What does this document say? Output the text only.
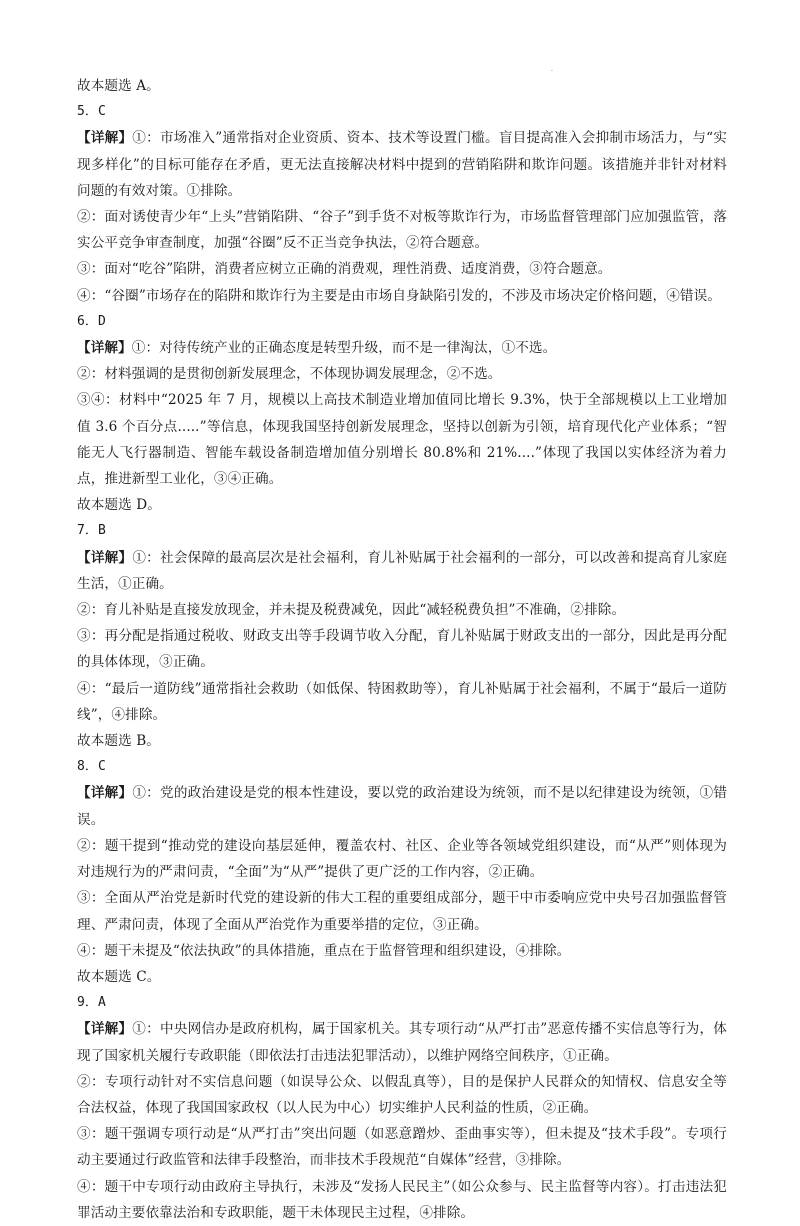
·
故本题选 A。
5．C
【详解】①：市场准入”通常指对企业资质、资本、技术等设置门槛。盲目提高准入会抑制市场活力，与“实现多样化”的目标可能存在矛盾，更无法直接解决材料中提到的营销陷阱和欺诈问题。该措施并非针对材料问题的有效对策。①排除。
②：面对诱使青少年“上头”营销陷阱、“谷子”到手货不对板等欺诈行为，市场监督管理部门应加强监管，落实公平竞争审查制度，加强“谷圈”反不正当竞争执法，②符合题意。
③：面对“吃谷”陷阱，消费者应树立正确的消费观，理性消费、适度消费，③符合题意。
④：“谷圈”市场存在的陷阱和欺诈行为主要是由市场自身缺陷引发的，不涉及市场决定价格问题，④错误。
6．D
【详解】①：对待传统产业的正确态度是转型升级，而不是一律淘汰，①不选。
②：材料强调的是贯彻创新发展理念，不体现协调发展理念，②不选。
③④：材料中“2025 年 7 月，规模以上高技术制造业增加值同比增长 9.3%，快于全部规模以上工业增加值 3.6 个百分点.....”等信息，体现我国坚持创新发展理念，坚持以创新为引领，培育现代化产业体系；“智能无人飞行器制造、智能车载设备制造增加值分别增长 80.8%和 21%....”体现了我国以实体经济为着力点，推进新型工业化，③④正确。
故本题选 D。
7．B
【详解】①：社会保障的最高层次是社会福利，育儿补贴属于社会福利的一部分，可以改善和提高育儿家庭生活，①正确。
②：育儿补贴是直接发放现金，并未提及税费减免，因此“减轻税费负担”不准确，②排除。
③：再分配是指通过税收、财政支出等手段调节收入分配，育儿补贴属于财政支出的一部分，因此是再分配的具体体现，③正确。
④：“最后一道防线”通常指社会救助（如低保、特困救助等），育儿补贴属于社会福利，不属于“最后一道防线”，④排除。
故本题选 B。
8．C
【详解】①：党的政治建设是党的根本性建设，要以党的政治建设为统领，而不是以纪律建设为统领，①错误。
②：题干提到“推动党的建设向基层延伸，覆盖农村、社区、企业等各领域党组织建设，而“从严”则体现为对违规行为的严肃问责，“全面”为“从严”提供了更广泛的工作内容，②正确。
③：全面从严治党是新时代党的建设新的伟大工程的重要组成部分，题干中市委响应党中央号召加强监督管理、严肃问责，体现了全面从严治党作为重要举措的定位，③正确。
④：题干未提及“依法执政”的具体措施，重点在于监督管理和组织建设，④排除。
故本题选 C。
9．A
【详解】①：中央网信办是政府机构，属于国家机关。其专项行动“从严打击”恶意传播不实信息等行为，体现了国家机关履行专政职能（即依法打击违法犯罪活动），以维护网络空间秩序，①正确。
②：专项行动针对不实信息问题（如误导公众、以假乱真等），目的是保护人民群众的知情权、信息安全等合法权益，体现了我国国家政权（以人民为中心）切实维护人民利益的性质，②正确。
③：题干强调专项行动是“从严打击”突出问题（如恶意蹭炒、歪曲事实等），但未提及“技术手段”。专项行动主要通过行政监管和法律手段整治，而非技术手段规范“自媒体”经营，③排除。
④：题干中专项行动由政府主导执行，未涉及“发扬人民民主”（如公众参与、民主监督等内容）。打击违法犯罪活动主要依靠法治和专政职能，题干未体现民主过程，④排除。
